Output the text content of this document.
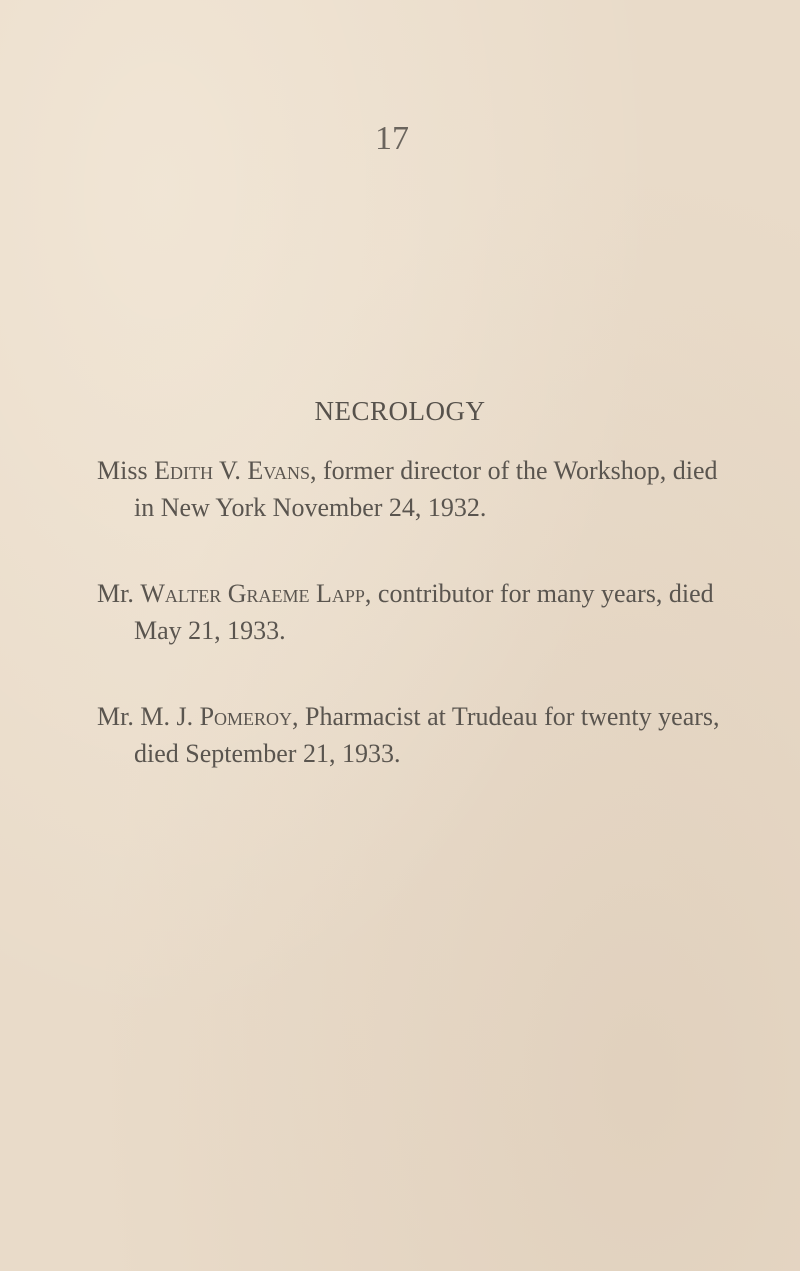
17
NECROLOGY

Miss Edith V. Evans, former director of the Workshop, died in New York November 24, 1932.

Mr. Walter Graeme Lapp, contributor for many years, died May 21, 1933.

Mr. M. J. Pomeroy, Pharmacist at Trudeau for twenty years, died September 21, 1933.
